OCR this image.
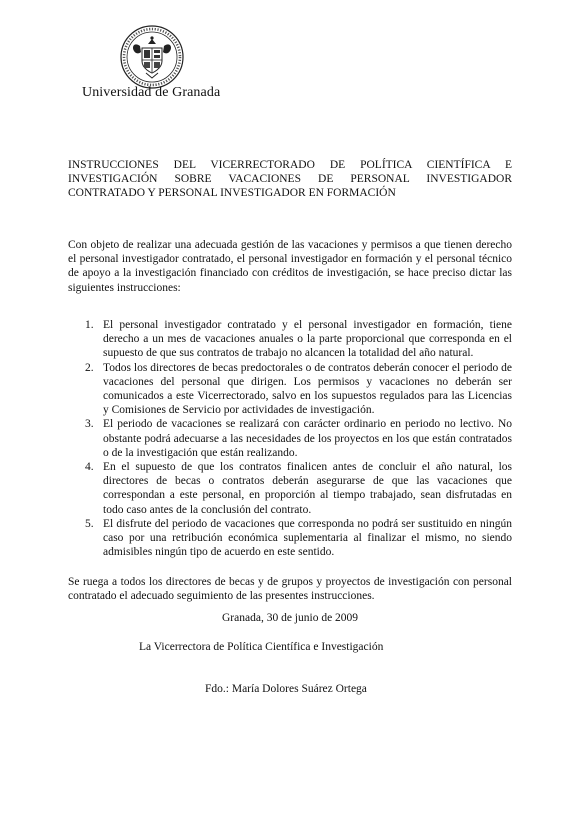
Universidad de Granada
INSTRUCCIONES DEL VICERRECTORADO DE POLÍTICA CIENTÍFICA E
INVESTIGACIÓN SOBRE VACACIONES DE PERSONAL INVESTIGADOR
CONTRATADO Y PERSONAL INVESTIGADOR EN FORMACIÓN

Con objeto de realizar una adecuada gestión de las vacaciones y permisos a que tienen derecho el personal investigador contratado, el personal investigador en formación y el personal técnico de apoyo a la investigación financiado con créditos de investigación, se hace preciso dictar las siguientes instrucciones:

1. El personal investigador contratado y el personal investigador en formación, tiene derecho a un mes de vacaciones anuales o la parte proporcional que corresponda en el supuesto de que sus contratos de trabajo no alcancen la totalidad del año natural.
2. Todos los directores de becas predoctorales o de contratos deberán conocer el periodo de vacaciones del personal que dirigen. Los permisos y vacaciones no deberán ser comunicados a este Vicerrectorado, salvo en los supuestos regulados para las Licencias y Comisiones de Servicio por actividades de investigación.
3. El periodo de vacaciones se realizará con carácter ordinario en periodo no lectivo. No obstante podrá adecuarse a las necesidades de los proyectos en los que están contratados o de la investigación que están realizando.
4. En el supuesto de que los contratos finalicen antes de concluir el año natural, los directores de becas o contratos deberán asegurarse de que las vacaciones que correspondan a este personal, en proporción al tiempo trabajado, sean disfrutadas en todo caso antes de la conclusión del contrato.
5. El disfrute del periodo de vacaciones que corresponda no podrá ser sustituido en ningún caso por una retribución económica suplementaria al finalizar el mismo, no siendo admisibles ningún tipo de acuerdo en este sentido.

Se ruega a todos los directores de becas y de grupos y proyectos de investigación con personal contratado el adecuado seguimiento de las presentes instrucciones.

Granada, 30 de junio de 2009
La Vicerrectora de Política Científica e Investigación
Fdo.: María Dolores Suárez Ortega
